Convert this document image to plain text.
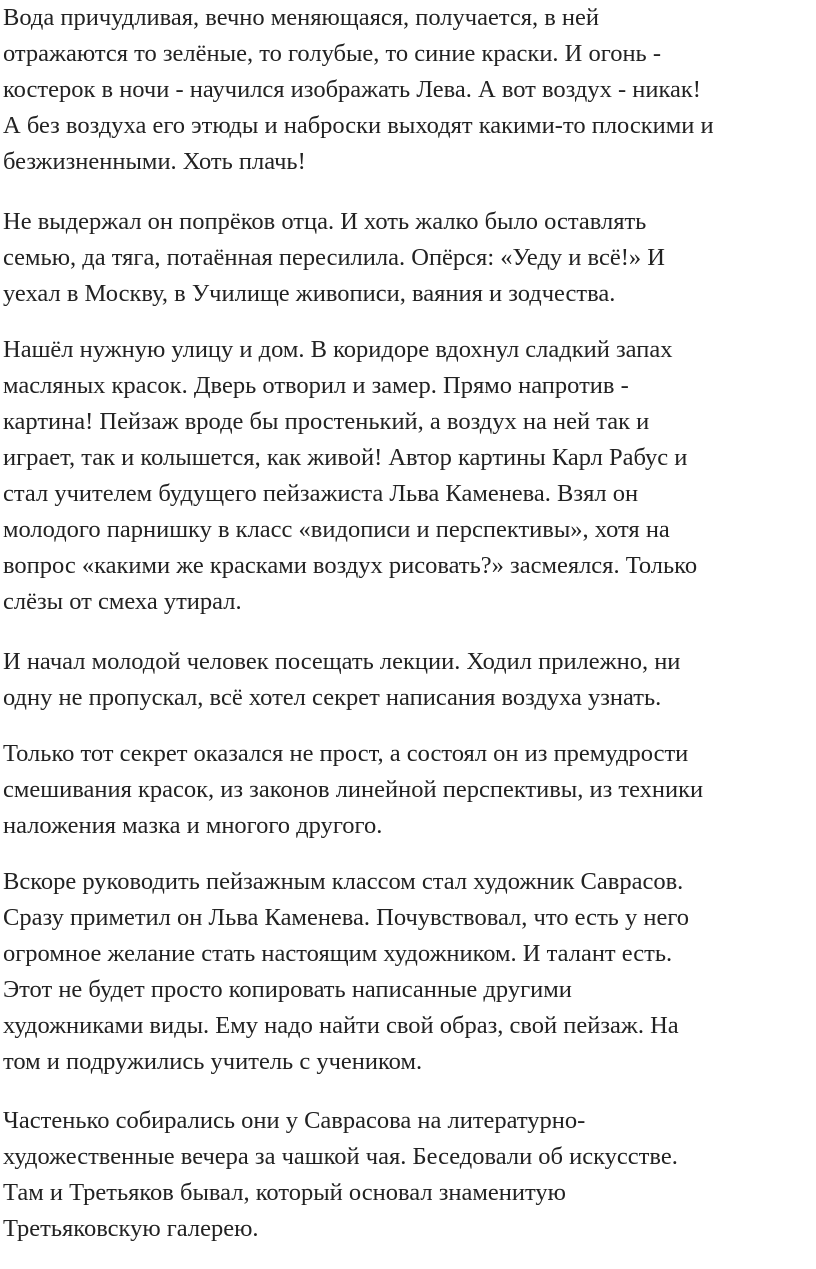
Вода причудливая, вечно меняющаяся, получается, в ней
отражаются то зелёные, то голубые, то синие краски. И огонь -
костерок в ночи - научился изображать Лева. А вот воздух - никак!
А без воздуха его этюды и наброски выходят какими-то плоскими и
безжизненными. Хоть плачь!

Не выдержал он попрёков отца. И хоть жалко было оставлять
семью, да тяга, потаённая пересилила. Опёрся: «Уеду и всё!» И
уехал в Москву, в Училище живописи, ваяния и зодчества.

Нашёл нужную улицу и дом. В коридоре вдохнул сладкий запах
масляных красок. Дверь отворил и замер. Прямо напротив -
картина! Пейзаж вроде бы простенький, а воздух на ней так и
играет, так и колышется, как живой! Автор картины Карл Рабус и
стал учителем будущего пейзажиста Льва Каменева. Взял он
молодого парнишку в класс «видописи и перспективы», хотя на
вопрос «какими же красками воздух рисовать?» засмеялся. Только
слёзы от смеха утирал.

И начал молодой человек посещать лекции. Ходил прилежно, ни
одну не пропускал, всё хотел секрет написания воздуха узнать.

Только тот секрет оказался не прост, а состоял он из премудрости
смешивания красок, из законов линейной перспективы, из техники
наложения мазка и многого другого.

Вскоре руководить пейзажным классом стал художник Саврасов.
Сразу приметил он Льва Каменева. Почувствовал, что есть у него
огромное желание стать настоящим художником. И талант есть.
Этот не будет просто копировать написанные другими
художниками виды. Ему надо найти свой образ, свой пейзаж. На
том и подружились учитель с учеником.

Частенько собирались они у Саврасова на литературно-
художественные вечера за чашкой чая. Беседовали об искусстве.
Там и Третьяков бывал, который основал знаменитую
Третьяковскую галерею.
